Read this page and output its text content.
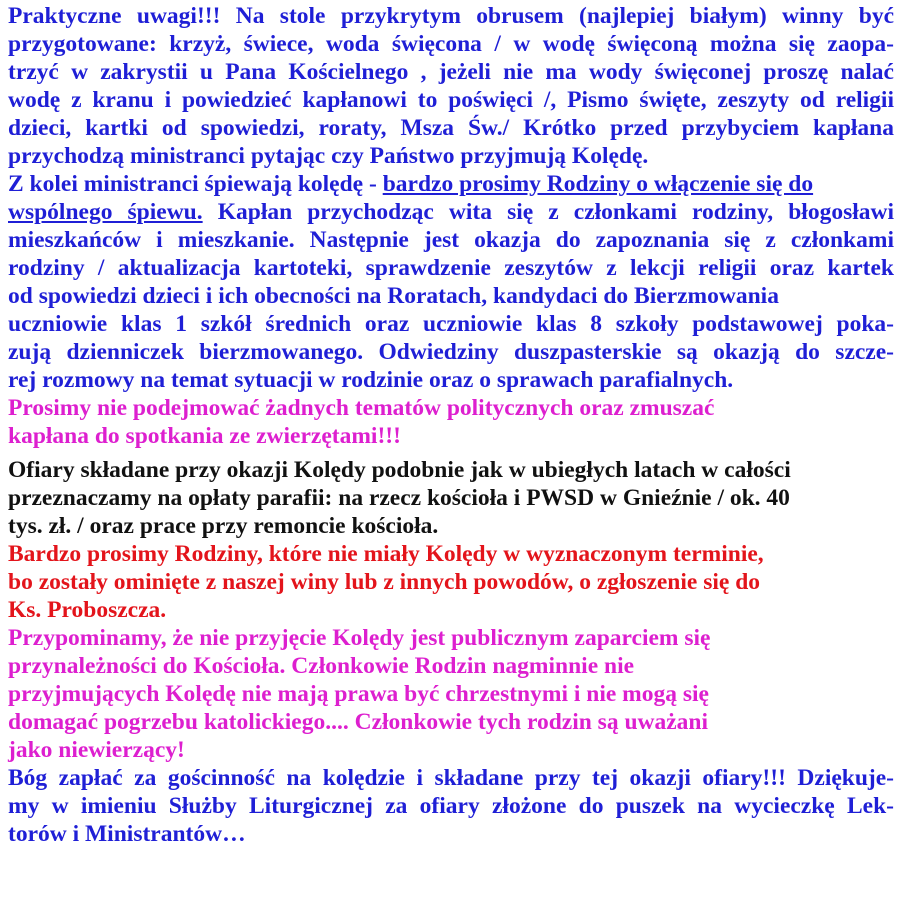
Praktyczne uwagi!!! Na stole przykrytym obrusem (najlepiej białym) winny być

przygotowane: krzyż, świece, woda święcona / w wodę święconą można się zaopa-

trzyć w zakrystii u Pana Kościelnego , jeżeli nie ma wody święconej proszę nalać

wodę z kranu i powiedzieć kapłanowi to poświęci /, Pismo święte, zeszyty od religii

dzieci, kartki od spowiedzi, roraty, Msza Św./ Krótko przed przybyciem kapłana

przychodzą ministranci pytając czy Państwo przyjmują Kolędę.

Z kolei ministranci śpiewają kolędę - bardzo prosimy Rodziny o włączenie się do

wspólnego śpiewu. Kapłan przychodząc wita się z członkami rodziny, błogosławi

mieszkańców i mieszkanie. Następnie jest okazja do zapoznania się z członkami

rodziny / aktualizacja kartoteki, sprawdzenie zeszytów z lekcji religii oraz kartek

od spowiedzi dzieci i ich obecności na Roratach, kandydaci do Bierzmowania

uczniowie klas 1 szkół średnich oraz uczniowie klas 8 szkoły podstawowej poka-

zują dzienniczek bierzmowanego. Odwiedziny duszpasterskie są okazją do szcze-

rej rozmowy na temat sytuacji w rodzinie oraz o sprawach parafialnych.

Prosimy nie podejmować żadnych tematów politycznych oraz zmuszać

kapłana do spotkania ze zwierzętami!!!

Ofiary składane przy okazji Kolędy podobnie jak w ubiegłych latach w całości

przeznaczamy na opłaty parafii: na rzecz kościoła i PWSD w Gnieźnie / ok. 40

tys. zł. / oraz prace przy remoncie kościoła.

Bardzo prosimy Rodziny, które nie miały Kolędy w wyznaczonym terminie,

bo zostały ominięte z naszej winy lub z innych powodów, o zgłoszenie się do

Ks. Proboszcza.

Przypominamy, że nie przyjęcie Kolędy jest publicznym zaparciem się

przynależności do Kościoła. Członkowie Rodzin nagminnie nie

przyjmujących Kolędę nie mają prawa być chrzestnymi i nie mogą się

domagać pogrzebu katolickiego.... Członkowie tych rodzin są uważani

jako niewierzący!

Bóg zapłać za gościnność na kolędzie i składane przy tej okazji ofiary!!! Dziękuje-

my w imieniu Służby Liturgicznej za ofiary złożone do puszek na wycieczkę Lek-

torów i Ministrantów…
